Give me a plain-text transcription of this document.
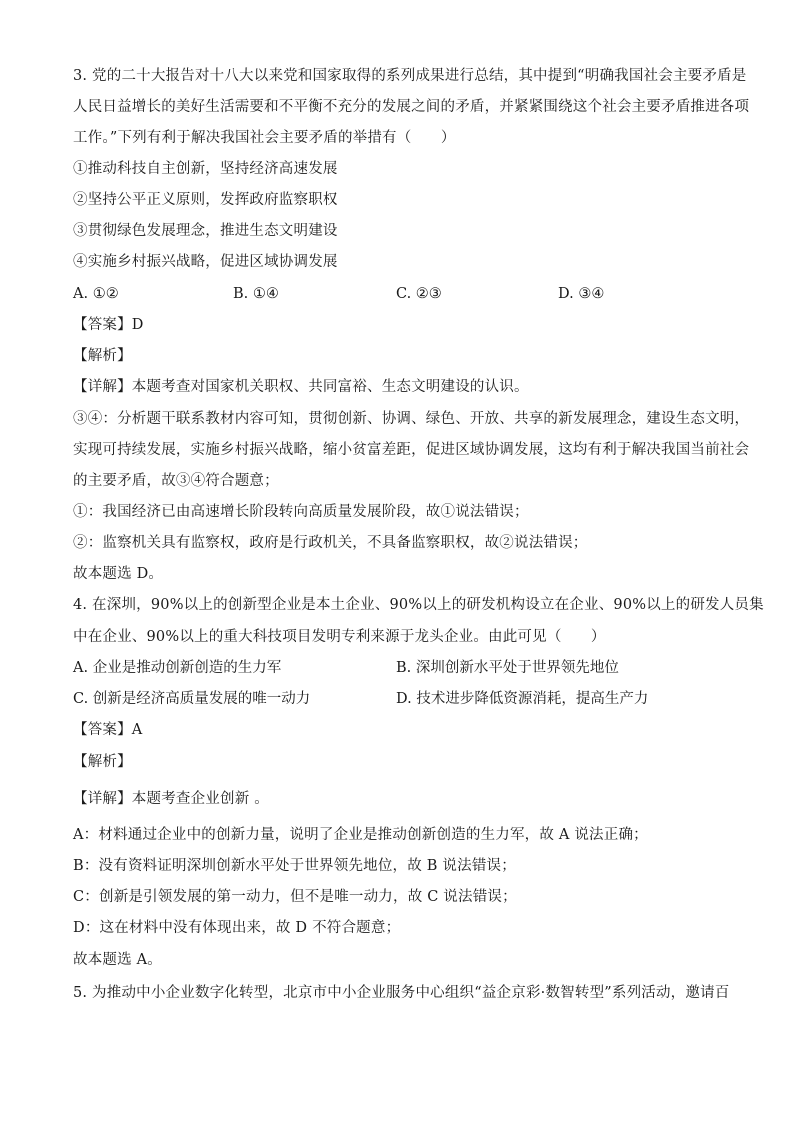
3. 党的二十大报告对十八大以来党和国家取得的系列成果进行总结，其中提到“明确我国社会主要矛盾是
人民日益增长的美好生活需要和不平衡不充分的发展之间的矛盾，并紧紧围绕这个社会主要矛盾推进各项
工作。”下列有利于解决我国社会主要矛盾的举措有（　　）
①推动科技自主创新，坚持经济高速发展
②坚持公平正义原则，发挥政府监察职权
③贯彻绿色发展理念，推进生态文明建设
④实施乡村振兴战略，促进区域协调发展
A. ①②	B. ①④	C. ②③	D. ③④
【答案】D
【解析】
【详解】本题考查对国家机关职权、共同富裕、生态文明建设的认识。
③④：分析题干联系教材内容可知，贯彻创新、协调、绿色、开放、共享的新发展理念，建设生态文明，
实现可持续发展，实施乡村振兴战略，缩小贫富差距，促进区域协调发展，这均有利于解决我国当前社会
的主要矛盾，故③④符合题意；
①：我国经济已由高速增长阶段转向高质量发展阶段，故①说法错误；
②：监察机关具有监察权，政府是行政机关，不具备监察职权，故②说法错误；
故本题选 D。
4. 在深圳，90%以上的创新型企业是本土企业、90%以上的研发机构设立在企业、90%以上的研发人员集
中在企业、90%以上的重大科技项目发明专利来源于龙头企业。由此可见（　　）
A. 企业是推动创新创造的生力军	B. 深圳创新水平处于世界领先地位
C. 创新是经济高质量发展的唯一动力	D. 技术进步降低资源消耗，提高生产力
【答案】A
【解析】
【详解】本题考查企业创新 。
A：材料通过企业中的创新力量，说明了企业是推动创新创造的生力军，故 A 说法正确；
B：没有资料证明深圳创新水平处于世界领先地位，故 B 说法错误；
C：创新是引领发展的第一动力，但不是唯一动力，故 C 说法错误；
D：这在材料中没有体现出来，故 D 不符合题意；
故本题选 A。
5. 为推动中小企业数字化转型，北京市中小企业服务中心组织“益企京彩·数智转型”系列活动，邀请百
